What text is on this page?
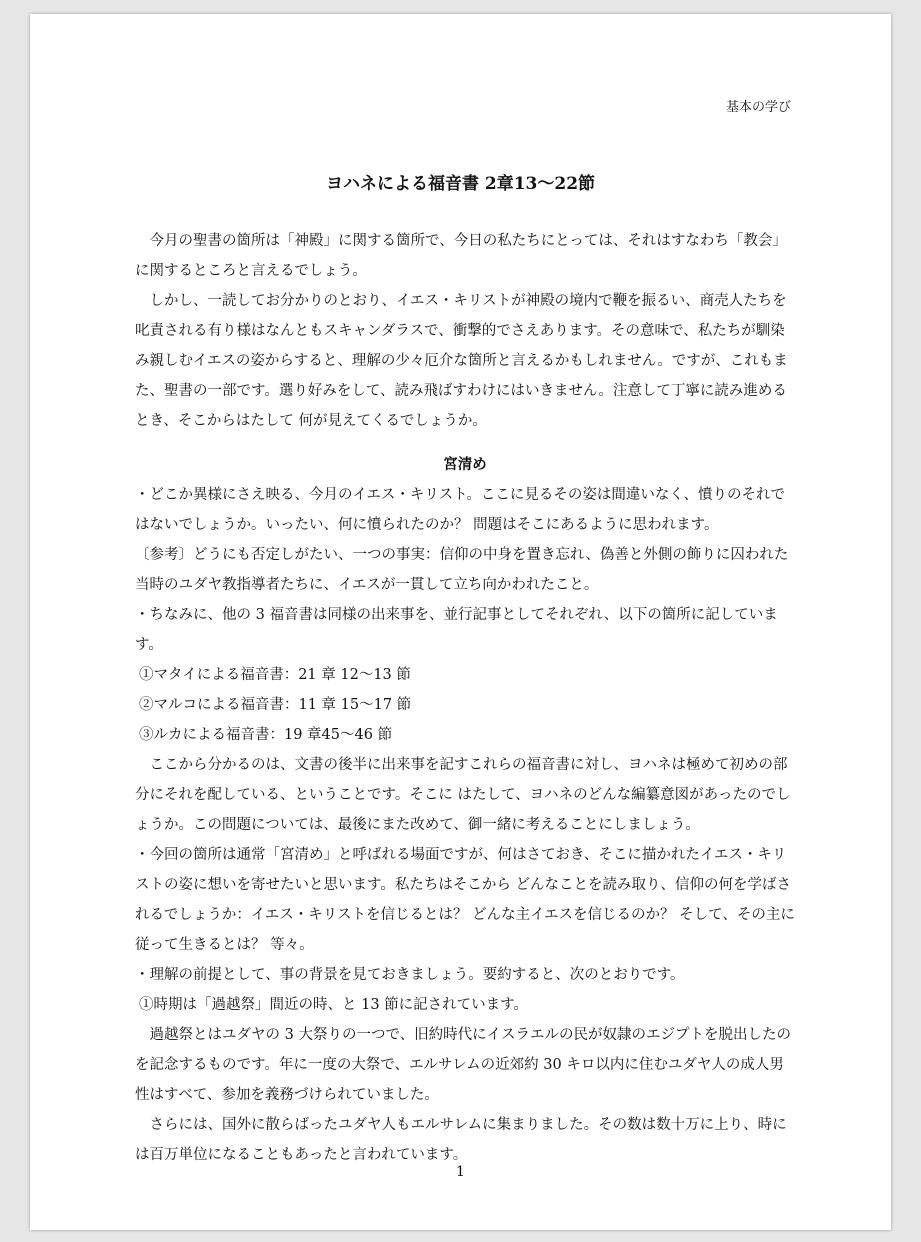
基本の学び
ヨハネによる福音書 2章13〜22節

今月の聖書の箇所は「神殿」に関する箇所で、今日の私たちにとっては、それはすなわち「教会」に関するところと言えるでしょう。

しかし、一読してお分かりのとおり、イエス・キリストが神殿の境内で鞭を振るい、商売人たちを叱責される有り様はなんともスキャンダラスで、衝撃的でさえあります。その意味で、私たちが馴染み親しむイエスの姿からすると、理解の少々厄介な箇所と言えるかもしれません。ですが、これもまた、聖書の一部です。選り好みをして、読み飛ばすわけにはいきません。注意して丁寧に読み進めるとき、そこからはたして 何が見えてくるでしょうか。

宮清め

・どこか異様にさえ映る、今月のイエス・キリスト。ここに見るその姿は間違いなく、憤りのそれではないでしょうか。いったい、何に憤られたのか？ 問題はそこにあるように思われます。

〔参考〕どうにも否定しがたい、一つの事実：信仰の中身を置き忘れ、偽善と外側の飾りに囚われた当時のユダヤ教指導者たちに、イエスが一貫して立ち向かわれたこと。

・ちなみに、他の 3 福音書は同様の出来事を、並行記事としてそれぞれ、以下の箇所に記しています。

①マタイによる福音書：21 章 12〜13 節

②マルコによる福音書：11 章 15〜17 節

③ルカによる福音書：19 章45〜46 節

ここから分かるのは、文書の後半に出来事を記すこれらの福音書に対し、ヨハネは極めて初めの部分にそれを配している、ということです。そこに はたして、ヨハネのどんな編纂意図があったのでしょうか。この問題については、最後にまた改めて、御一緒に考えることにしましょう。

・今回の箇所は通常「宮清め」と呼ばれる場面ですが、何はさておき、そこに描かれたイエス・キリストの姿に想いを寄せたいと思います。私たちはそこから どんなことを読み取り、信仰の何を学ばされるでしょうか：イエス・キリストを信じるとは？ どんな主イエスを信じるのか？ そして、その主に従って生きるとは？ 等々。

・理解の前提として、事の背景を見ておきましょう。要約すると、次のとおりです。

①時期は「過越祭」間近の時、と 13 節に記されています。

過越祭とはユダヤの 3 大祭りの一つで、旧約時代にイスラエルの民が奴隷のエジプトを脱出したのを記念するものです。年に一度の大祭で、エルサレムの近郊約 30 キロ以内に住むユダヤ人の成人男性はすべて、参加を義務づけられていました。

さらには、国外に散らばったユダヤ人もエルサレムに集まりました。その数は数十万に上り、時には百万単位になることもあったと言われています。

1
